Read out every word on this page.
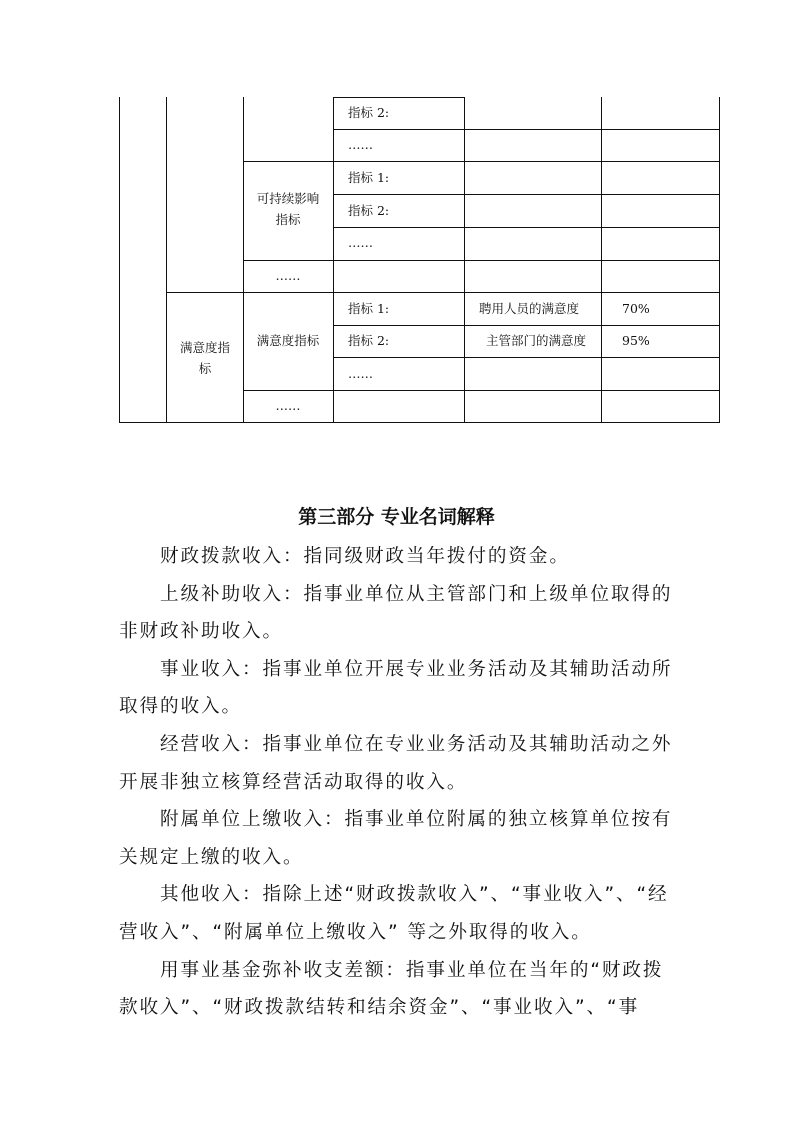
指标 2:
……
指标 1:
指标 2:
……
指标 1:
指标 2:
……
聘用人员的满意度
主管部门的满意度
70%
95%
可持续影响指标
……
满意度指标
……
满意度指标
第三部分 专业名词解释

财政拨款收入：指同级财政当年拨付的资金。

上级补助收入：指事业单位从主管部门和上级单位取得的非财政补助收入。

事业收入：指事业单位开展专业业务活动及其辅助活动所取得的收入。

经营收入：指事业单位在专业业务活动及其辅助活动之外开展非独立核算经营活动取得的收入。

附属单位上缴收入：指事业单位附属的独立核算单位按有关规定上缴的收入。

其他收入：指除上述“财政拨款收入”、“事业收入”、“经营收入”、“附属单位上缴收入” 等之外取得的收入。

用事业基金弥补收支差额：指事业单位在当年的“财政拨款收入”、“财政拨款结转和结余资金”、“事业收入”、“事
